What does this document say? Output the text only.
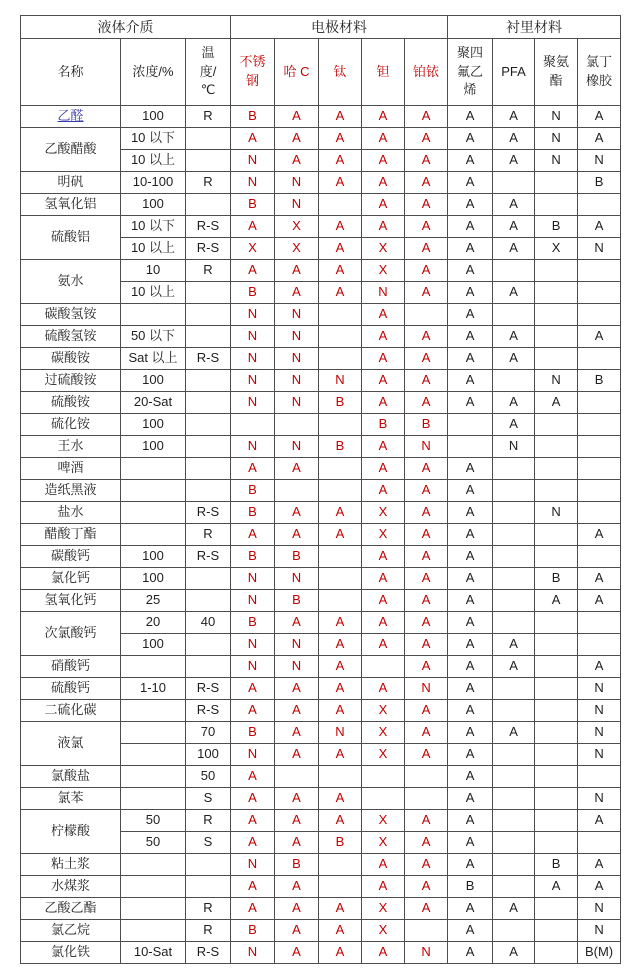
液体介质			电极材料					衬里材料			
名称	浓度/%	温度/℃	不锈钢	哈 C	钛	钽	铂铱	聚四氟乙烯	PFA	聚氨酯	氯丁橡胶
乙醛	100	R	B	A	A	A	A	A	A	N	A
乙酸醋酸	10 以下		A	A	A	A	A	A	A	N	A
	10 以上		N	A	A	A	A	A	A	N	N
明矾	10-100	R	N	N	A	A	A	A			B
氢氧化铝	100		B	N		A	A	A	A		
硫酸铝	10 以下	R-S	A	X	A	A	A	A	A	B	A
	10 以上	R-S	X	X	A	X	A	A	A	X	N
氨水	10	R	A	A	A	X	A	A			
	10 以上		B	A	A	N	A	A	A		
碳酸氢铵			N	N		A		A			
硫酸氢铵	50 以下		N	N		A	A	A	A		A
碳酸铵	Sat 以上	R-S	N	N		A	A	A	A		
过硫酸铵	100		N	N	N	A	A	A		N	B
硫酸铵	20-Sat		N	N	B	A	A	A	A	A	
硫化铵	100					B	B		A		
王水	100		N	N	B	A	N		N		
啤酒			A	A		A	A	A			
造纸黑液			B			A	A	A			
盐水		R-S	B	A	A	X	A	A		N	
醋酸丁酯		R	A	A	A	X	A	A			A
碳酸钙	100	R-S	B	B		A	A	A			
氯化钙	100		N	N		A	A	A		B	A
氢氧化钙	25		N	B		A	A	A		A	A
次氯酸钙	20	40	B	A	A	A	A	A			
	100		N	N	A	A	A	A	A		
硝酸钙			N	N	A		A	A	A		A
硫酸钙	1-10	R-S	A	A	A	A	N	A			N
二硫化碳		R-S	A	A	A	X	A	A			N
液氯		70	B	A	N	X	A	A	A		N
		100	N	A	A	X	A	A			N
氯酸盐		50	A					A			
氯苯		S	A	A	A			A			N
柠檬酸	50	R	A	A	A	X	A	A			A
	50	S	A	A	B	X	A	A			
粘土浆			N	B		A	A	A		B	A
水煤浆			A	A		A	A	B		A	A
乙酸乙酯		R	A	A	A	X	A	A	A		N
氯乙烷		R	B	A	A	X		A			N
氯化铁	10-Sat	R-S	N	A	A	A	N	A	A		B(M)
